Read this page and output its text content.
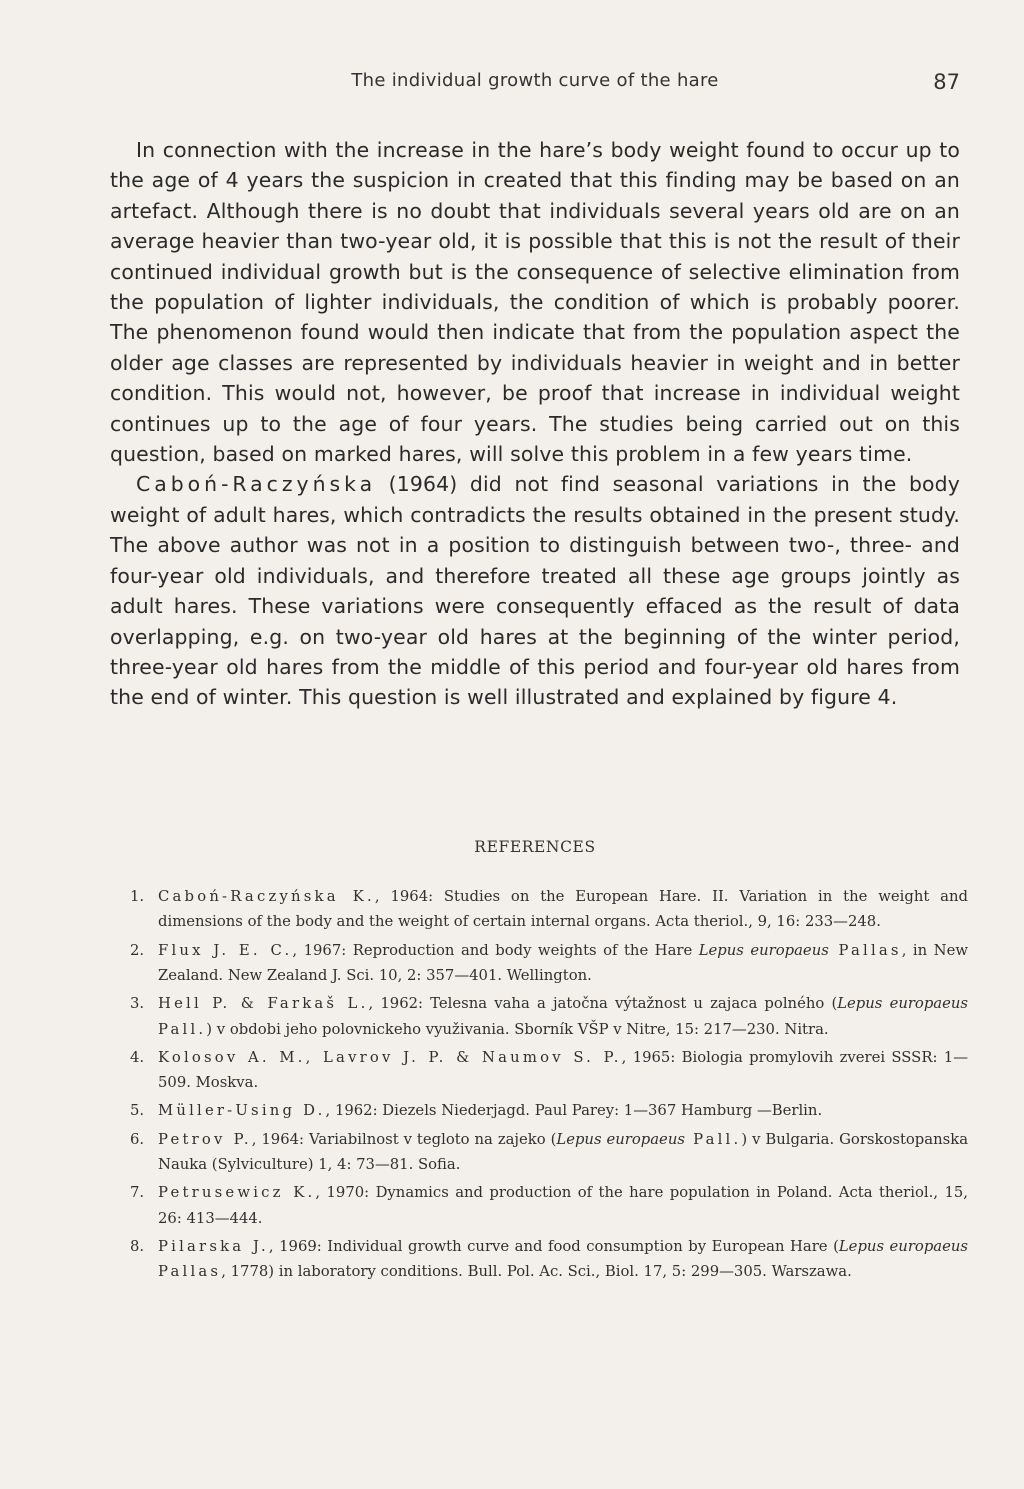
The individual growth curve of the hare	87

In connection with the increase in the hare’s body weight found to occur up to the age of 4 years the suspicion in created that this finding may be based on an artefact. Although there is no doubt that individuals several years old are on an average heavier than two-year old, it is possible that this is not the result of their continued individual growth but is the consequence of selective elimination from the population of lighter individuals, the condition of which is probably poorer. The phenomenon found would then indicate that from the population aspect the older age classes are represented by individuals heavier in weight and in better condition. This would not, however, be proof that increase in individual weight continues up to the age of four years. The studies being carried out on this question, based on marked hares, will solve this problem in a few years time.

Caboń-Raczyńska (1964) did not find seasonal variations in the body weight of adult hares, which contradicts the results obtained in the present study. The above author was not in a position to distinguish between two-, three- and four-year old individuals, and therefore treated all these age groups jointly as adult hares. These variations were consequently effaced as the result of data overlapping, e.g. on two-year old hares at the beginning of the winter period, three-year old hares from the middle of this period and four-year old hares from the end of winter. This question is well illustrated and explained by figure 4.

REFERENCES
1. Caboń-Raczyńska K., 1964: Studies on the European Hare. II. Variation in the weight and dimensions of the body and the weight of certain internal organs. Acta theriol., 9, 16: 233—248.
2. Flux J. E. C., 1967: Reproduction and body weights of the Hare Lepus europaeus Pallas, in New Zealand. New Zealand J. Sci. 10, 2: 357—401. Wellington.
3. Hell P. & Farkaš L., 1962: Telesna vaha a jatočna výtažnost u zajaca polného (Lepus europaeus Pall.) v obdobi jeho polovnickeho využivania. Sborník VŠP v Nitre, 15: 217—230. Nitra.
4. Kolosov A. M., Lavrov J. P. & Naumov S. P., 1965: Biologia promylovih zverei SSSR: 1—509. Moskva.
5. Müller-Using D., 1962: Diezels Niederjagd. Paul Parey: 1—367 Hamburg —Berlin.
6. Petrov P., 1964: Variabilnost v tegloto na zajeko (Lepus europaeus Pall.) v Bulgaria. Gorskostopanska Nauka (Sylviculture) 1, 4: 73—81. Sofia.
7. Petrusewicz K., 1970: Dynamics and production of the hare population in Poland. Acta theriol., 15, 26: 413—444.
8. Pilarska J., 1969: Individual growth curve and food consumption by European Hare (Lepus europaeus Pallas, 1778) in laboratory conditions. Bull. Pol. Ac. Sci., Biol. 17, 5: 299—305. Warszawa.
